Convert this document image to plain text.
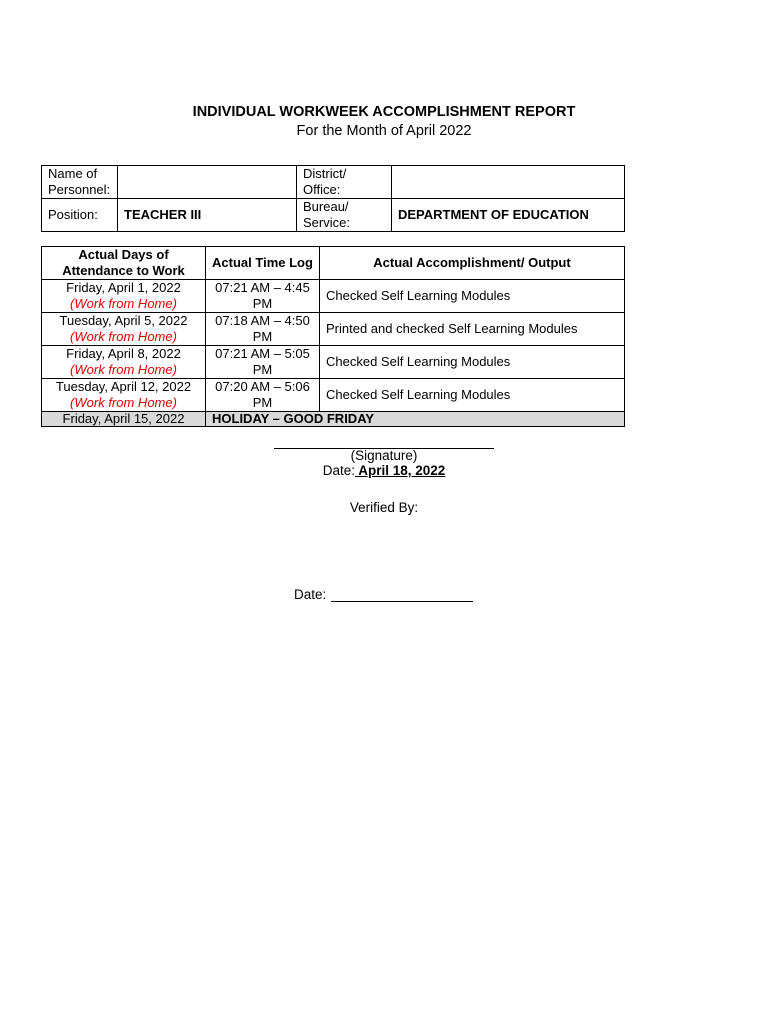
INDIVIDUAL WORKWEEK ACCOMPLISHMENT REPORT
For the Month of April 2022
Name of Personnel:		District/ Office:	
Position:	TEACHER III	Bureau/ Service:	DEPARTMENT OF EDUCATION
Actual Days of Attendance to Work	Actual Time Log	Actual Accomplishment/ Output
Friday, April 1, 2022
(Work from Home)	07:21 AM – 4:45 PM	Checked Self Learning Modules
Tuesday, April 5, 2022
(Work from Home)	07:18 AM – 4:50 PM	Printed and checked Self Learning Modules
Friday, April 8, 2022
(Work from Home)	07:21 AM – 5:05 PM	Checked Self Learning Modules
Tuesday, April 12, 2022
(Work from Home)	07:20 AM – 5:06 PM	Checked Self Learning Modules
Friday, April 15, 2022	HOLIDAY – GOOD FRIDAY	
(Signature)
Date: April 18, 2022
Verified By:
Date:
